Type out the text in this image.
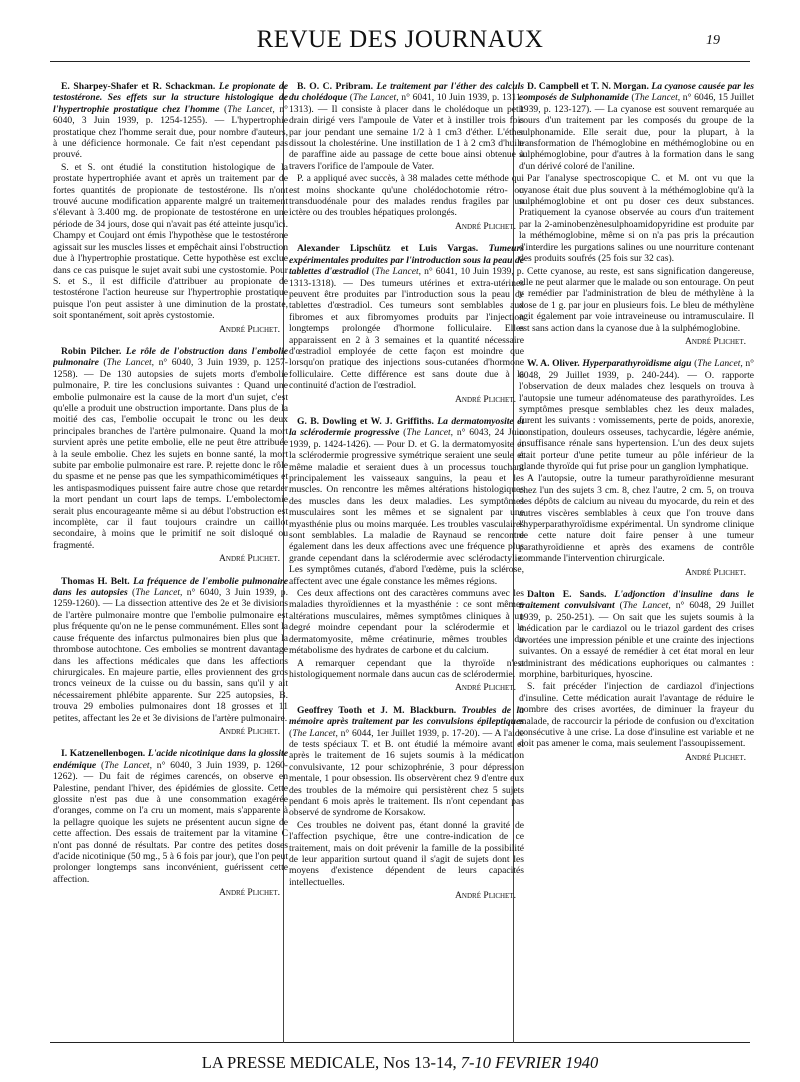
REVUE DES JOURNAUX	19

E. Sharpey-Shafer et R. Schackman. Le propionate de testostérone. Ses effets sur la structure histologique de l'hypertrophie prostatique chez l'homme (The Lancet, n° 6040, 3 Juin 1939, p. 1254-1255). — L'hypertrophie prostatique chez l'homme serait due, pour nombre d'auteurs, à une déficience hormonale. Ce fait n'est cependant pas prouvé.

S. et S. ont étudié la constitution histologique de la prostate hypertrophiée avant et après un traitement par de fortes quantités de propionate de testostérone. Ils n'ont trouvé aucune modification apparente malgré un traitement s'élevant à 3.400 mg. de propionate de testostérone en une période de 34 jours, dose qui n'avait pas été atteinte jusqu'ici. Champy et Coujard ont émis l'hypothèse que le testostérone agissait sur les muscles lisses et empêchait ainsi l'obstruction due à l'hypertrophie prostatique. Cette hypothèse est exclue dans ce cas puisque le sujet avait subi une cystostomie. Pour S. et S., il est difficile d'attribuer au propionate de testostérone l'action heureuse sur l'hypertrophie prostatique puisque l'on peut assister à une diminution de la prostate, soit spontanément, soit après cystostomie.

André Plichet.

Robin Pilcher. Le rôle de l'obstruction dans l'embolie pulmonaire (The Lancet, n° 6040, 3 Juin 1939, p. 1257-1258). — De 130 autopsies de sujets morts d'embolie pulmonaire, P. tire les conclusions suivantes : Quand une embolie pulmonaire est la cause de la mort d'un sujet, c'est qu'elle a produit une obstruction importante. Dans plus de la moitié des cas, l'embolie occupait le tronc ou les deux principales branches de l'artère pulmonaire. Quand la mort survient après une petite embolie, elle ne peut être attribuée à la seule embolie. Chez les sujets en bonne santé, la mort subite par embolie pulmonaire est rare. P. rejette donc le rôle du spasme et ne pense pas que les sympathicomimétiques et les antispasmodiques puissent faire autre chose que retarder la mort pendant un court laps de temps. L'embolectomie serait plus encourageante même si au début l'obstruction est incomplète, car il faut toujours craindre un caillot secondaire, à moins que le primitif ne soit disloqué ou fragmenté.

André Plichet.

Thomas H. Belt. La fréquence de l'embolie pulmonaire dans les autopsies (The Lancet, n° 6040, 3 Juin 1939, p. 1259-1260). — La dissection attentive des 2e et 3e divisions de l'artère pulmonaire montre que l'embolie pulmonaire est plus fréquente qu'on ne le pense communément. Elles sont la cause fréquente des infarctus pulmonaires bien plus que la thrombose autochtone. Ces embolies se montrent davantage dans les affections médicales que dans les affections chirurgicales. En majeure partie, elles proviennent des gros troncs veineux de la cuisse ou du bassin, sans qu'il y ait nécessairement phlébite apparente. Sur 225 autopsies, B. trouva 29 embolies pulmonaires dont 18 grosses et 11 petites, affectant les 2e et 3e divisions de l'artère pulmonaire.

André Plichet.

I. Katzenellenbogen. L'acide nicotinique dans la glossite endémique (The Lancet, n° 6040, 3 Juin 1939, p. 1260-1262). — Du fait de régimes carencés, on observe en Palestine, pendant l'hiver, des épidémies de glossite. Cette glossite n'est pas due à une consommation exagérée d'oranges, comme on l'a cru un moment, mais s'apparente à la pellagre quoique les sujets ne présentent aucun signe de cette affection. Des essais de traitement par la vitamine C n'ont pas donné de résultats. Par contre des petites doses d'acide nicotinique (50 mg., 5 à 6 fois par jour), que l'on peut prolonger longtemps sans inconvénient, guérissent cette affection.

André Plichet.

B. O. C. Pribram. Le traitement par l'éther des calculs du cholédoque (The Lancet, n° 6041, 10 Juin 1939, p. 1311-1313). — Il consiste à placer dans le cholédoque un petit drain dirigé vers l'ampoule de Vater et à instiller trois fois par jour pendant une semaine 1/2 à 1 cm3 d'éther. L'éther dissout la cholestérine. Une instillation de 1 à 2 cm3 d'huile de paraffine aide au passage de cette boue ainsi obtenue à travers l'orifice de l'ampoule de Vater.

P. a appliqué avec succès, à 38 malades cette méthode qui est moins shockante qu'une cholédochotomie rétro- ou transduodénale pour des malades rendus fragiles par un ictère ou des troubles hépatiques prolongés.

André Plichet.

Alexander Lipschütz et Luis Vargas. Tumeurs expérimentales produites par l'introduction sous la peau de tablettes d'œstradiol (The Lancet, n° 6041, 10 Juin 1939, p. 1313-1318). — Des tumeurs utérines et extra-utérines peuvent être produites par l'introduction sous la peau de tablettes d'œstradiol. Ces tumeurs sont semblables aux fibromes et aux fibromyomes produits par l'injection longtemps prolongée d'hormone folliculaire. Elles apparaissent en 2 à 3 semaines et la quantité nécessaire d'œstradiol employée de cette façon est moindre que lorsqu'on pratique des injections sous-cutanées d'hormone folliculaire. Cette différence est sans doute due à la continuité d'action de l'œstradiol.

André Plichet.

G. B. Dowling et W. J. Griffiths. La dermatomyosite et la sclérodermie progressive (The Lancet, n° 6043, 24 Juin 1939, p. 1424-1426). — Pour D. et G. la dermatomyosite et la sclérodermie progressive symétrique seraient une seule et même maladie et seraient dues à un processus touchant principalement les vaisseaux sanguins, la peau et les muscles. On rencontre les mêmes altérations histologiques des muscles dans les deux maladies. Les symptômes musculaires sont les mêmes et se signalent par une myasthénie plus ou moins marquée. Les troubles vasculaires sont semblables. La maladie de Raynaud se rencontre également dans les deux affections avec une fréquence plus grande cependant dans la sclérodermie avec sclérodactylie. Les symptômes cutanés, d'abord l'œdème, puis la sclérose, affectent avec une égale constance les mêmes régions.

Ces deux affections ont des caractères communs avec les maladies thyroïdiennes et la myasthénie : ce sont mêmes altérations musculaires, mêmes symptômes cliniques à un degré moindre cependant pour la sclérodermie et la dermatomyosite, même créatinurie, mêmes troubles du métabolisme des hydrates de carbone et du calcium.

A remarquer cependant que la thyroïde n'est histologiquement normale dans aucun cas de sclérodermie.

André Plichet.

Geoffrey Tooth et J. M. Blackburn. Troubles de la mémoire après traitement par les convulsions épileptiques (The Lancet, n° 6044, 1er Juillet 1939, p. 17-20). — A l'aide de tests spéciaux T. et B. ont étudié la mémoire avant et après le traitement de 16 sujets soumis à la médication convulsivante, 12 pour schizophrénie, 3 pour dépression mentale, 1 pour obsession. Ils observèrent chez 9 d'entre eux des troubles de la mémoire qui persistèrent chez 5 sujets pendant 6 mois après le traitement. Ils n'ont cependant pas observé de syndrome de Korsakow.

Ces troubles ne doivent pas, étant donné la gravité de l'affection psychique, être une contre-indication de ce traitement, mais on doit prévenir la famille de la possibilité de leur apparition surtout quand il s'agit de sujets dont les moyens d'existence dépendent de leurs capacités intellectuelles.

André Plichet.

D. Campbell et T. N. Morgan. La cyanose causée par les composés de Sulphonamide (The Lancet, n° 6046, 15 Juillet 1939, p. 123-127). — La cyanose est souvent remarquée au cours d'un traitement par les composés du groupe de la sulphonamide. Elle serait due, pour la plupart, à la transformation de l'hémoglobine en méthémoglobine ou en sulphémoglobine, pour d'autres à la formation dans le sang d'un dérivé coloré de l'aniline.

Par l'analyse spectroscopique C. et M. ont vu que la cyanose était due plus souvent à la méthémoglobine qu'à la sulphémoglobine et ont pu doser ces deux substances. Pratiquement la cyanose observée au cours d'un traitement par la 2-aminobenzènesulphoamidopyridine est produite par la méthémoglobine, même si on n'a pas pris la précaution d'interdire les purgations salines ou une nourriture contenant des produits soufrés (25 fois sur 32 cas).

Cette cyanose, au reste, est sans signification dangereuse, elle ne peut alarmer que le malade ou son entourage. On peut y remédier par l'administration de bleu de méthylène à la dose de 1 g. par jour en plusieurs fois. Le bleu de méthylène agit également par voie intraveineuse ou intramusculaire. Il est sans action dans la cyanose due à la sulphémoglobine.

André Plichet.

W. A. Oliver. Hyperparathyroïdisme aigu (The Lancet, n° 6048, 29 Juillet 1939, p. 240-244). — O. rapporte l'observation de deux malades chez lesquels on trouva à l'autopsie une tumeur adénomateuse des parathyroïdes. Les symptômes presque semblables chez les deux malades, furent les suivants : vomissements, perte de poids, anorexie, constipation, douleurs osseuses, tachycardie, légère anémie, insuffisance rénale sans hypertension. L'un des deux sujets était porteur d'une petite tumeur au pôle inférieur de la glande thyroïde qui fut prise pour un ganglion lymphatique.

A l'autopsie, outre la tumeur parathyroïdienne mesurant chez l'un des sujets 3 cm. 8, chez l'autre, 2 cm. 5, on trouva des dépôts de calcium au niveau du myocarde, du rein et des autres viscères semblables à ceux que l'on trouve dans l'hyperparathyroïdisme expérimental. Un syndrome clinique de cette nature doit faire penser à une tumeur parathyroïdienne et après des examens de contrôle commande l'intervention chirurgicale.

André Plichet.

Dalton E. Sands. L'adjonction d'insuline dans le traitement convulsivant (The Lancet, n° 6048, 29 Juillet 1939, p. 250-251). — On sait que les sujets soumis à la médication par le cardiazol ou le triazol gardent des crises avortées une impression pénible et une crainte des injections suivantes. On a essayé de remédier à cet état moral en leur administrant des médications euphoriques ou calmantes : morphine, barbituriques, hyoscine.

S. fait précéder l'injection de cardiazol d'injections d'insuline. Cette médication aurait l'avantage de réduire le nombre des crises avortées, de diminuer la frayeur du malade, de raccourcir la période de confusion ou d'excitation consécutive à une crise. La dose d'insuline est variable et ne doit pas amener le coma, mais seulement l'assoupissement.

André Plichet.
LA PRESSE MEDICALE, Nos 13-14, 7-10 FEVRIER 1940
